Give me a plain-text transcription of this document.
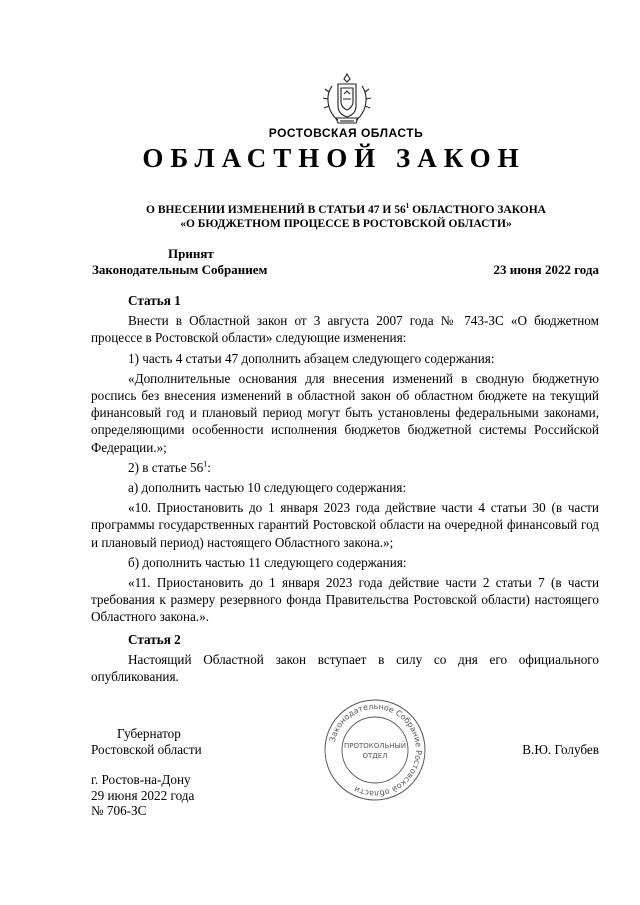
РОСТОВСКАЯ ОБЛАСТЬ
ОБЛАСТНОЙ ЗАКОН
О ВНЕСЕНИИ ИЗМЕНЕНИЙ В СТАТЬИ 47 И $56^1$ ОБЛАСТНОГО ЗАКОНА
«О БЮДЖЕТНОМ ПРОЦЕССЕ В РОСТОВСКОЙ ОБЛАСТИ»
Принят
Законодательным Собранием	23 июня 2022 года

Статья 1

Внести в Областной закон от 3 августа 2007 года № 743-ЗС «О бюджетном процессе в Ростовской области» следующие изменения:

1) часть 4 статьи 47 дополнить абзацем следующего содержания:

«Дополнительные основания для внесения изменений в сводную бюджетную роспись без внесения изменений в областной закон об областном бюджете на текущий финансовый год и плановый период могут быть установлены федеральными законами, определяющими особенности исполнения бюджетов бюджетной системы Российской Федерации.»;

2) в статье $56^1$:

а) дополнить частью 10 следующего содержания:

«10. Приостановить до 1 января 2023 года действие части 4 статьи 30 (в части программы государственных гарантий Ростовской области на очередной финансовый год и плановый период) настоящего Областного закона.»;

б) дополнить частью 11 следующего содержания:

«11. Приостановить до 1 января 2023 года действие части 2 статьи 7 (в части требования к размеру резервного фонда Правительства Ростовской области) настоящего Областного закона.».

Статья 2

Настоящий Областной закон вступает в силу со дня его официального опубликования.

Губернатор
Ростовской области	В.Ю. Голубев
г. Ростов-на-Дону
29 июня 2022 года
№ 706-ЗС
Законодательное Собрание Ростовской области
ПРОТОКОЛЬНЫЙ
ОТДЕЛ
